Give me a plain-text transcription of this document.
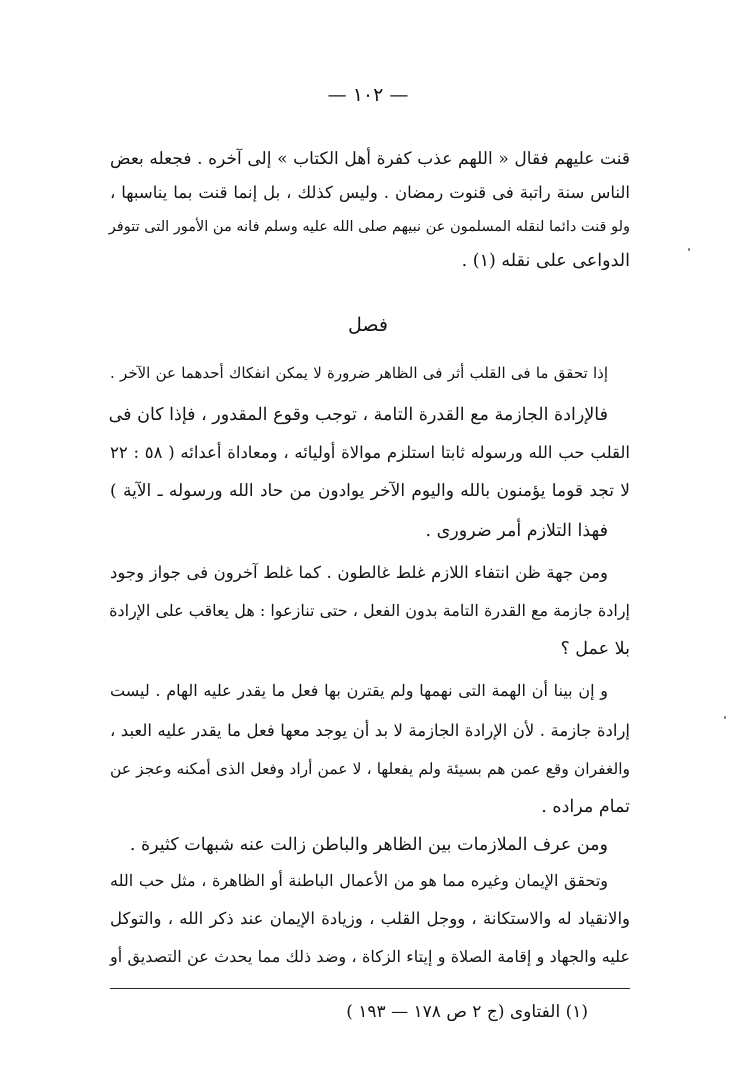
— ١٠٢ —
قنت عليهم فقال « اللهم عذب كفرة أهل الكتاب » إلى آخره . فجعله بعض
الناس سنة راتبة فى قنوت رمضان . وليس كذلك ، بل إنما قنت بما يناسبها ،
ولو قنت دائما لنقله المسلمون عن نبيهم صلى الله عليه وسلم فانه من الأمور التى تتوفر
الدواعى على نقله (١) .
فصل
إذا تحقق ما فى القلب أثر فى الظاهر ضرورة لا يمكن انفكاك أحدهما عن الآخر .
فالإرادة الجازمة مع القدرة التامة ، توجب وقوع المقدور ، فإذا كان فى
القلب حب الله ورسوله ثابتا استلزم موالاة أوليائه ، ومعاداة أعدائه ( ٥٨ : ٢٢
لا تجد قوما يؤمنون بالله واليوم الآخر يوادون من حاد الله ورسوله ـ الآية )
فهذا التلازم أمر ضرورى .
ومن جهة ظن انتفاء اللازم غلط غالطون . كما غلط آخرون فى جواز وجود
إرادة جازمة مع القدرة التامة بدون الفعل ، حتى تنازعوا : هل يعاقب على الإرادة
بلا عمل ؟
و إن بينا أن الهمة التى نهمها ولم يقترن بها فعل ما يقدر عليه الهام . ليست
إرادة جازمة . لأن الإرادة الجازمة لا بد أن يوجد معها فعل ما يقدر عليه العبد ،
والغفران وقع عمن هم بسيئة ولم يفعلها ، لا عمن أراد وفعل الذى أمكنه وعجز عن
تمام مراده .
ومن عرف الملازمات بين الظاهر والباطن زالت عنه شبهات كثيرة .
وتحقق الإيمان وغيره مما هو من الأعمال الباطنة أو الظاهرة ، مثل حب الله
والانقياد له والاستكانة ، ووجل القلب ، وزيادة الإيمان عند ذكر الله ، والتوكل
عليه والجهاد و إقامة الصلاة و إيتاء الزكاة ، وضد ذلك مما يحدث عن التصديق أو
(١) الفتاوى (ج ٢ ص ١٧٨ — ١٩٣ )
